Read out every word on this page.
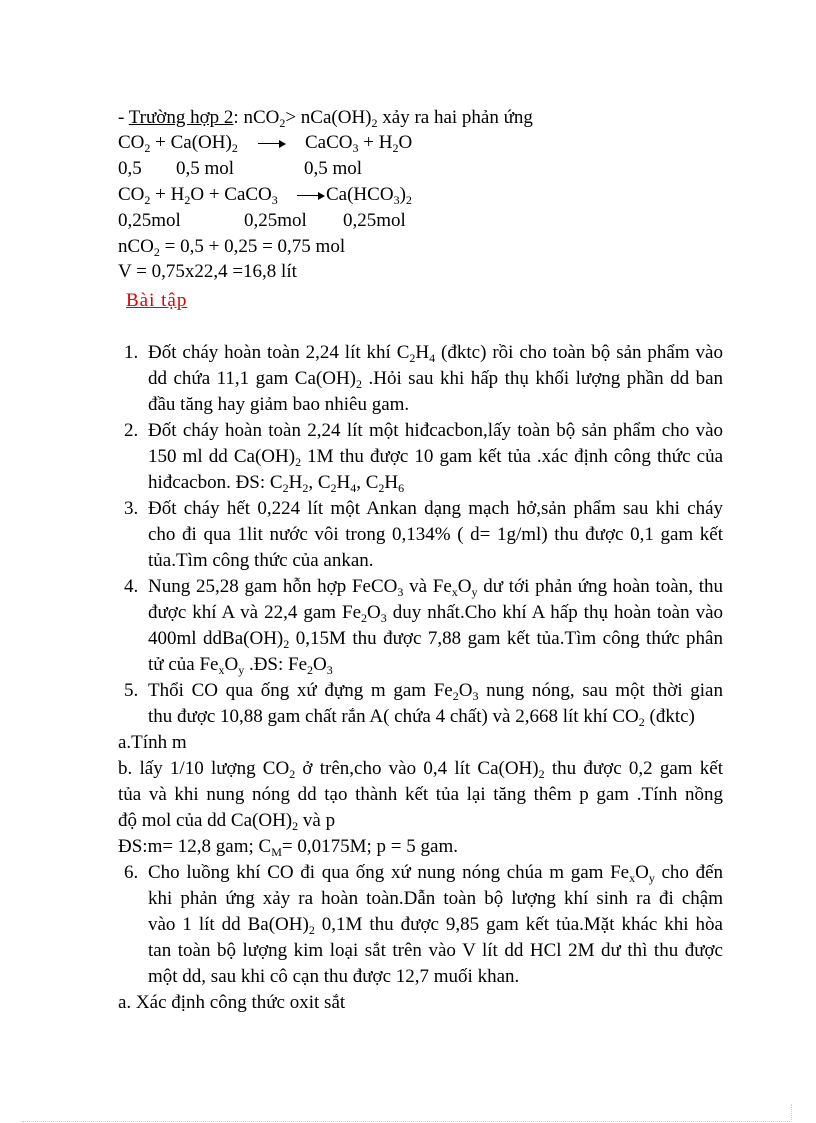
- Trường hợp 2: $nCO_2> nCa(OH)_2$ xảy ra hai phản ứng
$CO_2 + Ca(OH)_2$	CaCO$_3$ + $H_2O$
0,5 0,5 mol	0,5 mol
$CO_2 + H_2O$ + CaCO$_3$	$Ca(HCO_3)_2$
0,25mol	0,25mol 0,25mol
nCO$_2$ = 0,5 + 0,25 = 0,75 mol
V = 0,75x22,4 =16,8 lít
Bài tập
1. Đốt cháy hoàn toàn 2,24 lít khí $C_2H_4$ (đktc) rồi cho toàn bộ sản phẩm vào
dd chứa 11,1 gam $Ca(OH)_2$ .Hỏi sau khi hấp thụ khối lượng phần dd ban
đầu tăng hay giảm bao nhiêu gam.
2. Đốt cháy hoàn toàn 2,24 lít một hiđcacbon,lấy toàn bộ sản phẩm cho vào
150 ml dd $Ca(OH)_2$ 1M thu được 10 gam kết tủa .xác định công thức của
hiđcacbon. ĐS: $C_2H_2$, $C_2H_4$, $C_2H_6$
3. Đốt cháy hết 0,224 lít một Ankan dạng mạch hở,sản phẩm sau khi cháy
cho đi qua 1lit nước vôi trong 0,134% ( d= 1g/ml) thu được 0,1 gam kết
tủa.Tìm công thức của ankan.
4. Nung 25,28 gam hỗn hợp FeCO$_3$ và $Fe_xO_y$ dư tới phản ứng hoàn toàn, thu
được khí A và 22,4 gam $Fe_2O_3$ duy nhất.Cho khí A hấp thụ hoàn toàn vào
400ml $ddBa(OH)_2$ 0,15M thu được 7,88 gam kết tủa.Tìm công thức phân
tử của $Fe_xO_y$ .ĐS: $Fe_2O_3$
5. Thổi CO qua ống xứ đựng m gam $Fe_2O_3$ nung nóng, sau một thời gian
thu được 10,88 gam chất rắn A( chứa 4 chất) và 2,668 lít khí $CO_2$ (đktc)
a.Tính m
b. lấy 1/10 lượng $CO_2$ ở trên,cho vào 0,4 lít $Ca(OH)_2$ thu được 0,2 gam kết
tủa và khi nung nóng dd tạo thành kết tủa lại tăng thêm p gam .Tính nồng
độ mol của dd $Ca(OH)_2$ và p
ĐS:m= 12,8 gam; $C_M= 0,0175M$; p = 5 gam.
6. Cho luồng khí CO đi qua ống xứ nung nóng chúa m gam $Fe_xO_y$ cho đến
khi phản ứng xảy ra hoàn toàn.Dẫn toàn bộ lượng khí sinh ra đi chậm
vào 1 lít dd $Ba(OH)_2$ 0,1M thu được 9,85 gam kết tủa.Mặt khác khi hòa
tan toàn bộ lượng kim loại sắt trên vào V lít dd HCl 2M dư thì thu được
một dd, sau khi cô cạn thu được 12,7 muối khan.
a. Xác định công thức oxit sắt
